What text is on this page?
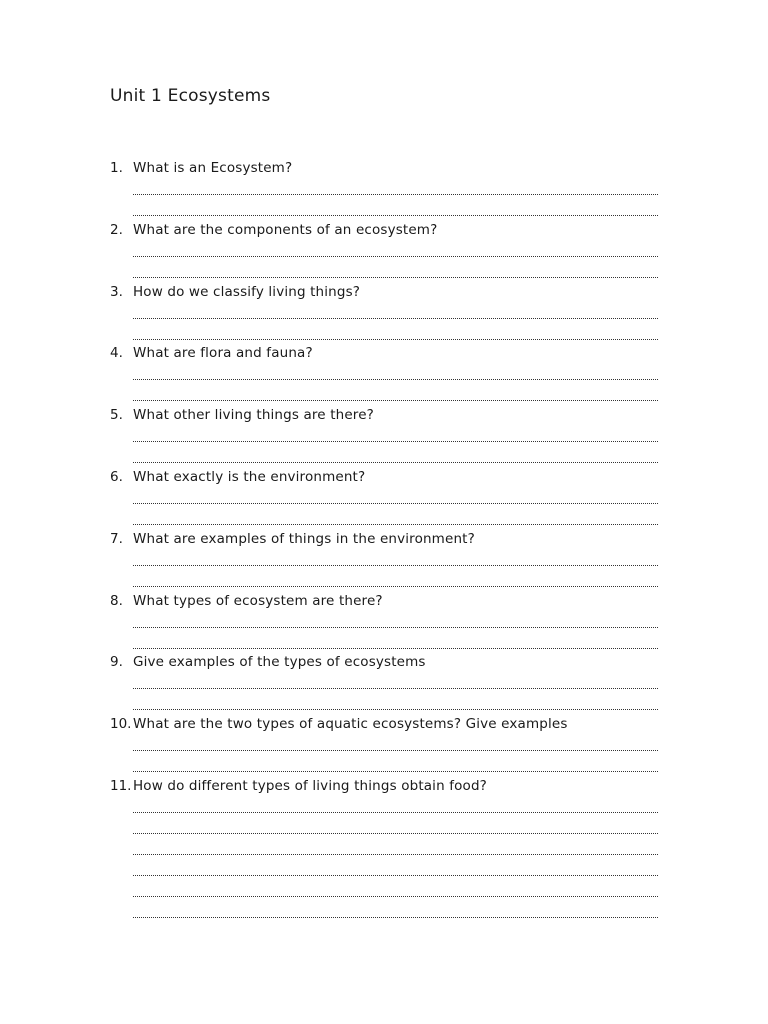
Unit 1 Ecosystems
1. What is an Ecosystem?
2. What are the components of an ecosystem?
3. How do we classify living things?
4. What are flora and fauna?
5. What other living things are there?
6. What exactly is the environment?
7. What are examples of things in the environment?
8. What types of ecosystem are there?
9. Give examples of the types of ecosystems
10. What are the two types of aquatic ecosystems? Give examples
11. How do different types of living things obtain food?
